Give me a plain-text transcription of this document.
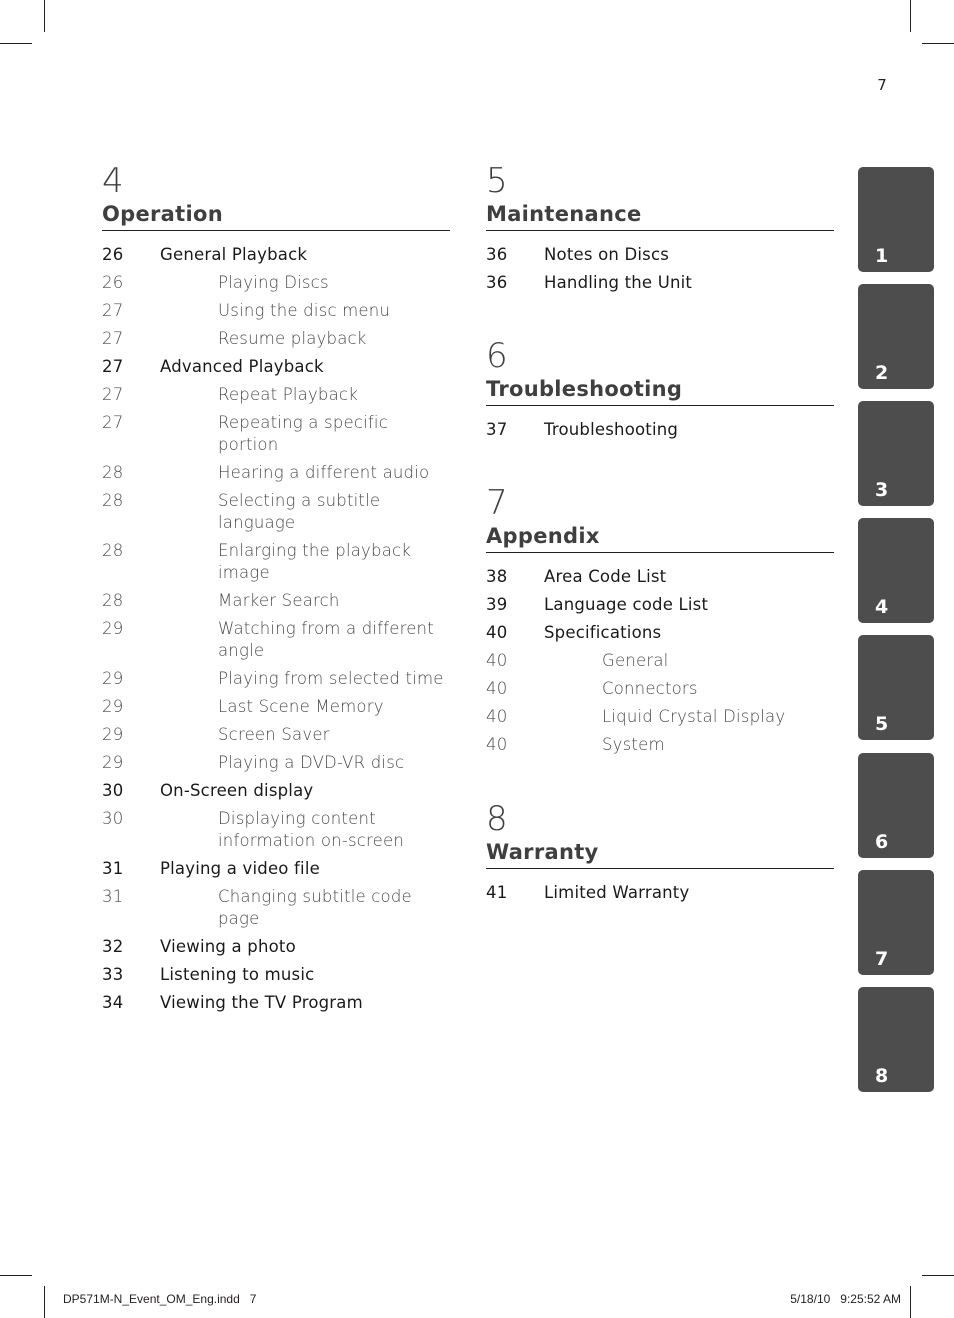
7
4
Operation
26	General Playback
26	Playing Discs
27	Using the disc menu
27	Resume playback
27	Advanced Playback
27	Repeat Playback
27	Repeating a specific portion
28	Hearing a different audio
28	Selecting a subtitle language
28	Enlarging the playback image
28	Marker Search
29	Watching from a different angle
29	Playing from selected time
29	Last Scene Memory
29	Screen Saver
29	Playing a DVD-VR disc
30	On-Screen display
30	Displaying content information on-screen
31	Playing a video file
31	Changing subtitle code page
32	Viewing a photo
33	Listening to music
34	Viewing the TV Program
5
Maintenance
36	Notes on Discs
36	Handling the Unit
6
Troubleshooting
37	Troubleshooting
7
Appendix
38	Area Code List
39	Language code List
40	Specifications
40	General
40	Connectors
40	Liquid Crystal Display
40	System
8
Warranty
41	Limited Warranty
1
2
3
4
5
6
7
8
DP571M-N_Event_OM_Eng.indd   7	5/18/10   9:25:52 AM
